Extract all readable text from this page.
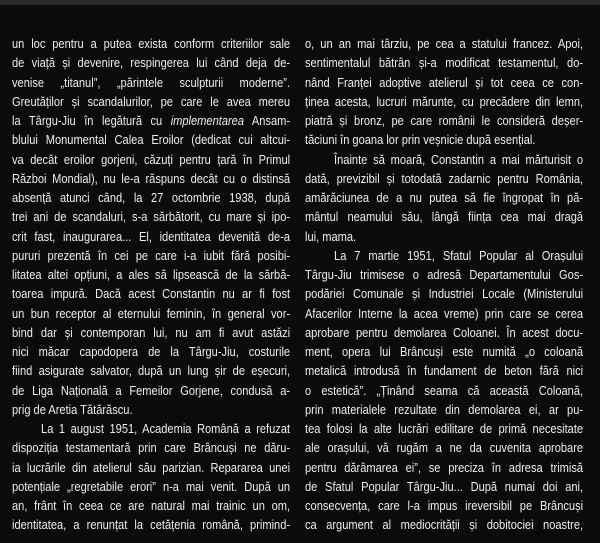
un loc pentru a putea exista conform criteriilor sale
de viață și devenire, respingerea lui când deja de-
venise „titanul”, „părintele sculpturii moderne”.
Greutăților și scandalurilor, pe care le avea mereu
la Târgu-Jiu în legătură cu implementarea Ansam-
blului Monumental Calea Eroilor (dedicat cui altcui-
va decât eroilor gorjeni, căzuți pentru țară în Primul
Război Mondial), nu le-a răspuns decât cu o distinsă
absență atunci când, la 27 octombrie 1938, după
trei ani de scandaluri, s-a sărbătorit, cu mare și ipo-
crit fast, inaugurarea... El, identitatea devenită de-a
pururi prezentă în cei pe care i-a iubit fără posibi-
litatea altei opțiuni, a ales să lipsească de la sărbă-
toarea impură. Dacă acest Constantin nu ar fi fost
un bun receptor al eternului feminin, în general vor-
bind dar și contemporan lui, nu am fi avut astăzi
nici măcar capodopera de la Târgu-Jiu, costurile
fiind asigurate salvator, după un lung șir de eșecuri,
de Liga Națională a Femeilor Gorjene, condusă a-
prig de Aretia Tătărăscu.
La 1 august 1951, Academia Română a refuzat
dispoziția testamentară prin care Brâncuși ne dăru-
ia lucrările din atelierul său parizian. Repararea unei
potențiale „regretabile erori” n-a mai venit. După un
an, frânt în ceea ce are natural mai trainic un om,
identitatea, a renunțat la cetățenia română, primind-
o, un an mai târziu, pe cea a statului francez. Apoi,
sentimentalul bătrân și-a modificat testamentul, do-
nând Franței adoptive atelierul și tot ceea ce con-
ținea acesta, lucruri mărunte, cu precădere din lemn,
piatră și bronz, pe care românii le consideră deșer-
tăciuni în goana lor prin veșnicie după esențial.
Înainte să moară, Constantin a mai mărturisit o
dată, previzibil și totodată zadarnic pentru România,
amărăciunea de a nu putea să fie îngropat în pă-
mântul neamului său, lângă ființa cea mai dragă
lui, mama.
La 7 martie 1951, Sfatul Popular al Orașului
Târgu-Jiu trimisese o adresă Departamentului Gos-
podăriei Comunale și Industriei Locale (Ministerului
Afacerilor Interne la acea vreme) prin care se cerea
aprobare pentru demolarea Coloanei. În acest docu-
ment, opera lui Brâncuși este numită „o coloană
metalică introdusă în fundament de beton fără nici
o estetică”. „Ținând seama că această Coloană,
prin materialele rezultate din demolarea ei, ar pu-
tea folosi la alte lucrări edilitare de primă necesitate
ale orașului, vă rugăm a ne da cuvenita aprobare
pentru dărâmarea ei”, se preciza în adresa trimisă
de Sfatul Popular Târgu-Jiu... După numai doi ani,
consecvența, care l-a impus ireversibil pe Brâncuși
ca argument al mediocrității și dobitociei noastre,
